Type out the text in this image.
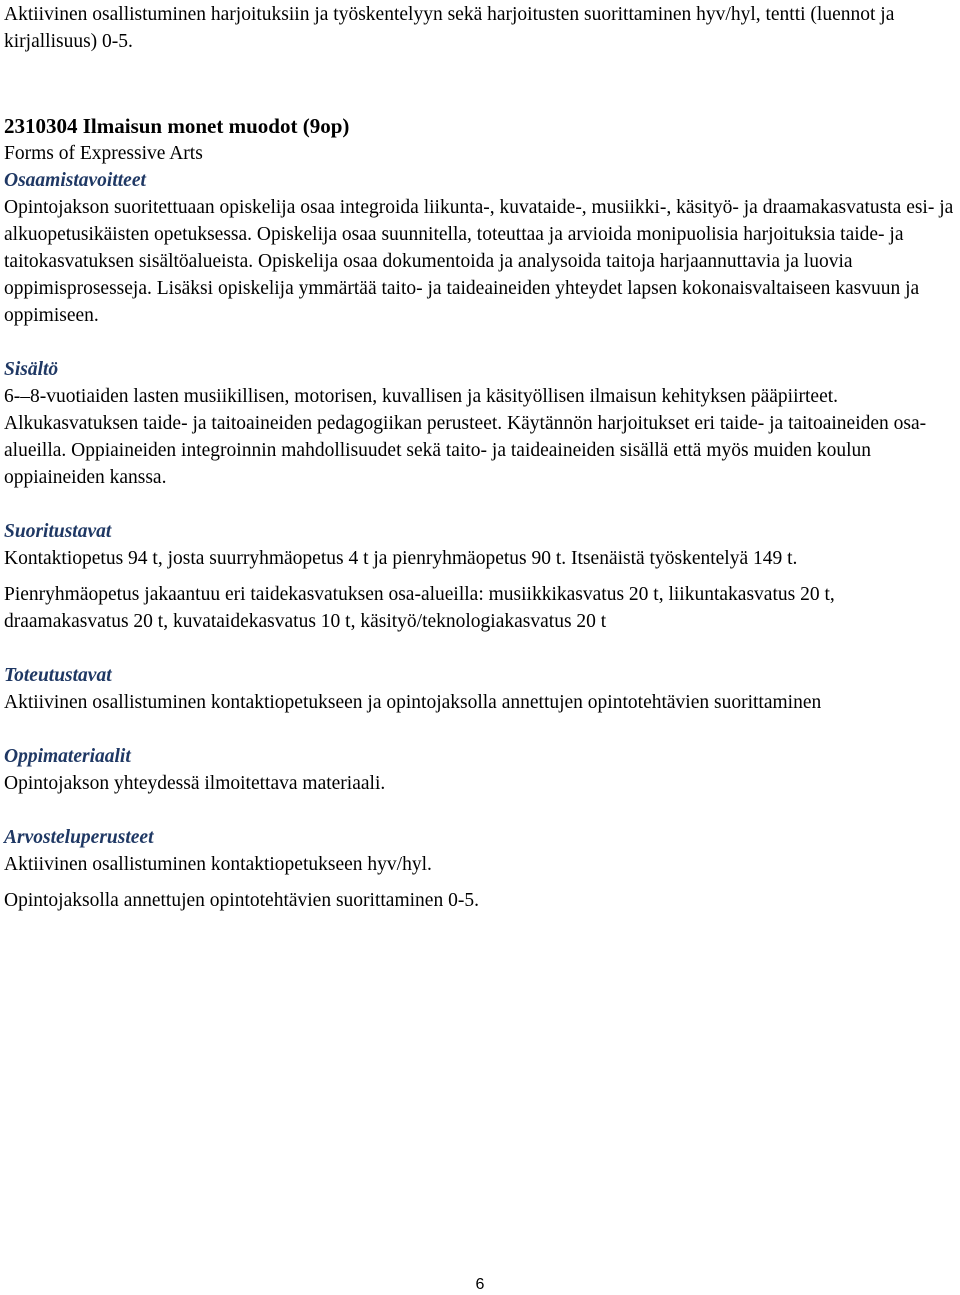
Aktiivinen osallistuminen harjoituksiin ja työskentelyyn sekä harjoitusten suorittaminen hyv/hyl, tentti (luennot ja kirjallisuus) 0-5.

2310304 Ilmaisun monet muodot (9op)

Forms of Expressive Arts

Osaamistavoitteet

Opintojakson suoritettuaan opiskelija osaa integroida liikunta-, kuvataide-, musiikki-, käsityö- ja draamakasvatusta esi- ja alkuopetusikäisten opetuksessa. Opiskelija osaa suunnitella, toteuttaa ja arvioida monipuolisia harjoituksia taide- ja taitokasvatuksen sisältöalueista. Opiskelija osaa dokumentoida ja analysoida taitoja harjaannuttavia ja luovia oppimisprosesseja. Lisäksi opiskelija ymmärtää taito- ja taideaineiden yhteydet lapsen kokonaisvaltaiseen kasvuun ja oppimiseen.

Sisältö

6-–8-vuotiaiden lasten musiikillisen, motorisen, kuvallisen ja käsityöllisen ilmaisun kehityksen pääpiirteet. Alkukasvatuksen taide- ja taitoaineiden pedagogiikan perusteet. Käytännön harjoitukset eri taide- ja taitoaineiden osa-alueilla. Oppiaineiden integroinnin mahdollisuudet sekä taito- ja taideaineiden sisällä että myös muiden koulun oppiaineiden kanssa.

Suoritustavat

Kontaktiopetus 94 t, josta suurryhmäopetus 4 t ja pienryhmäopetus 90 t. Itsenäistä työskentelyä 149 t.

Pienryhmäopetus jakaantuu eri taidekasvatuksen osa-alueilla: musiikkikasvatus 20 t, liikuntakasvatus 20 t, draamakasvatus 20 t, kuvataidekasvatus 10 t, käsityö/teknologiakasvatus 20 t

Toteutustavat

Aktiivinen osallistuminen kontaktiopetukseen ja opintojaksolla annettujen opintotehtävien suorittaminen

Oppimateriaalit

Opintojakson yhteydessä ilmoitettava materiaali.

Arvosteluperusteet

Aktiivinen osallistuminen kontaktiopetukseen hyv/hyl.

Opintojaksolla annettujen opintotehtävien suorittaminen 0-5.

6
